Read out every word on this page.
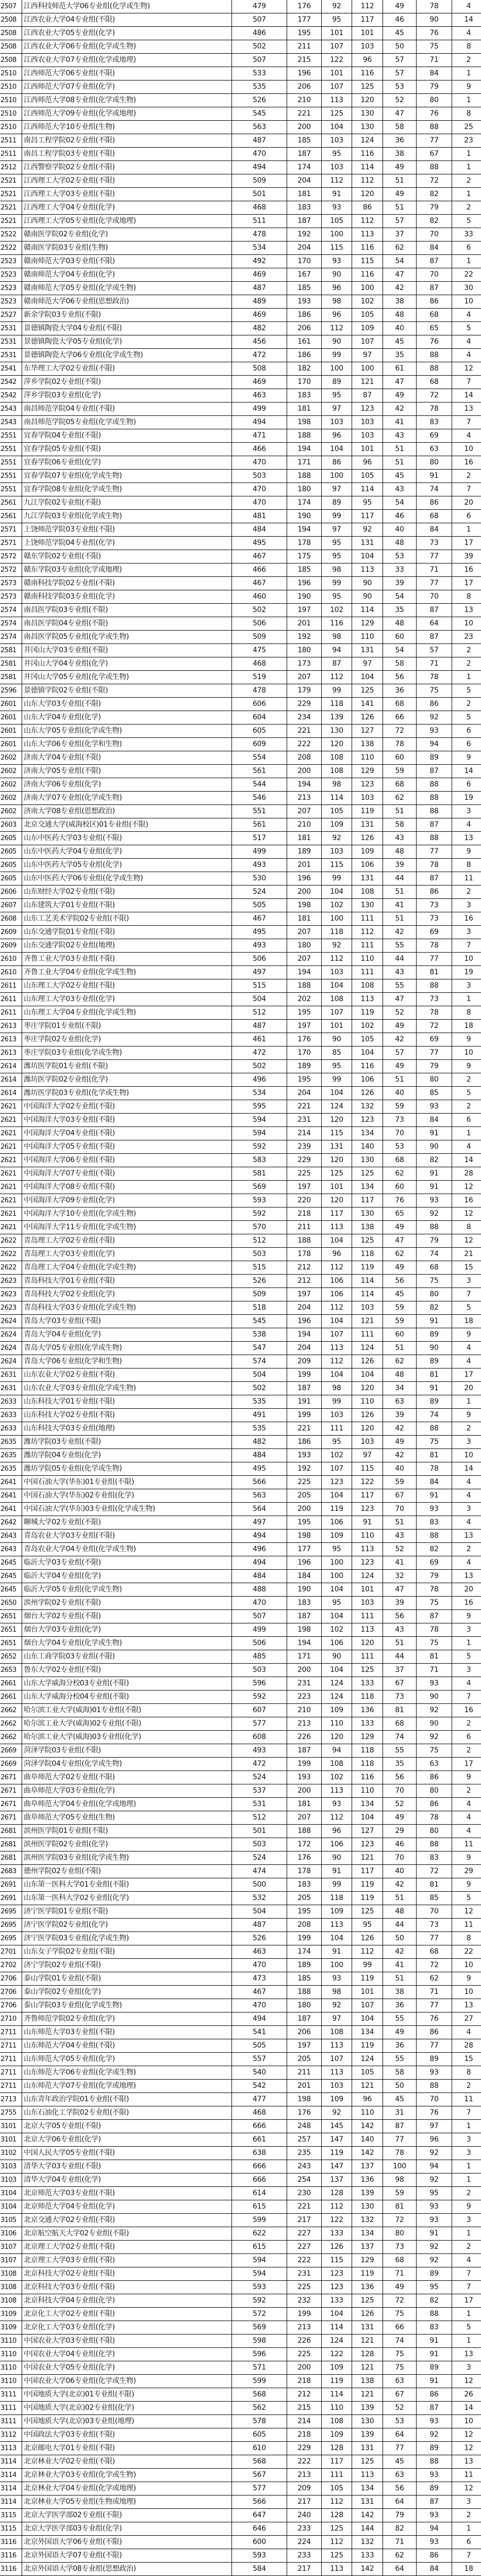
2507	江西科技师范大学06专业组(化学或生物)	479	176	92	112	49	78	4
2508	江西农业大学04专业组(不限)	507	177	95	117	46	90	14
2508	江西农业大学05专业组(化学)	486	195	101	101	45	76	4
2508	江西农业大学06专业组(化学或生物)	502	211	107	103	50	75	8
2508	江西农业大学07专业组(化学或地理)	507	215	122	96	57	71	2
2510	江西师范大学06专业组(不限)	533	196	101	116	57	84	1
2510	江西师范大学07专业组(化学)	535	206	107	125	53	79	9
2510	江西师范大学08专业组(化学或生物)	526	210	113	120	52	80	1
2510	江西师范大学09专业组(化学或地理)	545	221	125	130	47	76	8
2510	江西师范大学10专业组(生物)	563	200	104	130	58	88	25
2511	南昌工程学院02专业组(不限)	487	185	103	124	36	77	23
2511	南昌工程学院03专业组(不限)	470	187	95	116	38	67	1
2512	江西警察学院02专业组(不限)	494	174	103	114	49	88	1
2521	江西理工大学02专业组(不限)	509	204	112	112	51	72	2
2521	江西理工大学03专业组(不限)	501	181	91	120	49	82	1
2521	江西理工大学04专业组(化学)	468	183	93	86	51	79	2
2521	江西理工大学05专业组(化学或地理)	511	187	105	112	57	82	5
2522	赣南医学院02专业组(化学)	478	192	100	113	37	70	33
2522	赣南医学院03专业组(生物)	534	204	115	116	62	84	6
2523	赣南师范大学03专业组(不限)	492	170	93	115	54	87	1
2523	赣南师范大学04专业组(化学)	469	167	90	116	47	70	22
2523	赣南师范大学05专业组(化学或生物)	487	185	96	100	42	87	30
2523	赣南师范大学06专业组(思想政治)	489	193	98	102	38	86	10
2527	新余学院03专业组(不限)	469	186	96	105	48	68	4
2531	景德镇陶瓷大学04专业组(不限)	482	206	112	109	40	65	5
2531	景德镇陶瓷大学05专业组(化学)	456	161	90	107	45	76	4
2531	景德镇陶瓷大学06专业组(化学或生物)	472	186	99	97	35	88	4
2541	东华理工大学02专业组(不限)	508	182	100	100	61	88	12
2542	萍乡学院02专业组(不限)	469	170	89	121	47	68	7
2542	萍乡学院03专业组(化学)	463	183	95	87	49	72	14
2543	南昌师范学院04专业组(不限)	499	181	97	123	42	78	13
2543	南昌师范学院05专业组(化学或生物)	494	198	103	103	41	83	7
2551	宜春学院04专业组(不限)	471	188	96	103	43	69	4
2551	宜春学院05专业组(不限)	466	194	104	101	51	63	10
2551	宜春学院06专业组(化学)	470	171	86	96	51	80	16
2551	宜春学院07专业组(化学或生物)	503	188	100	105	45	91	2
2551	宜春学院08专业组(化学或生物)	470	180	97	114	43	74	7
2561	九江学院02专业组(不限)	470	174	89	95	54	86	20
2561	九江学院03专业组(化学或生物)	481	190	99	117	46	68	6
2571	上饶师范学院03专业组(不限)	484	194	97	92	40	84	1
2571	上饶师范学院04专业组(化学)	495	178	95	131	48	73	17
2572	赣东学院02专业组(不限)	467	175	95	104	53	77	39
2572	赣东学院03专业组(化学或地理)	466	185	98	113	33	71	16
2573	赣南科技学院02专业组(不限)	467	196	99	90	39	77	17
2573	赣南科技学院03专业组(化学)	460	190	95	90	54	70	8
2574	南昌医学院03专业组(不限)	502	197	102	114	35	87	13
2574	南昌医学院04专业组(不限)	506	201	116	129	48	64	10
2574	南昌医学院05专业组(化学或生物)	509	192	98	110	60	87	23
2581	井冈山大学03专业组(不限)	475	180	94	131	54	57	2
2581	井冈山大学04专业组(化学)	468	173	87	97	58	71	2
2581	井冈山大学05专业组(化学或生物)	519	207	112	104	56	78	1
2596	景德镇学院02专业组(不限)	478	179	99	125	36	75	5
2601	山东大学03专业组(不限)	606	229	118	141	68	86	2
2601	山东大学04专业组(化学)	604	234	139	126	66	92	5
2601	山东大学05专业组(化学或生物)	605	221	130	127	72	93	6
2601	山东大学06专业组(化学和生物)	609	222	120	138	78	94	6
2602	济南大学04专业组(不限)	554	208	108	110	60	89	9
2602	济南大学05专业组(不限)	561	200	108	129	59	87	14
2602	济南大学06专业组(化学)	544	194	98	123	68	88	6
2602	济南大学07专业组(化学或生物)	546	213	114	103	62	88	19
2602	济南大学08专业组(思想政治)	551	207	105	119	51	88	3
2603	北京交通大学(威海校区)01专业组(不限)	561	210	109	131	58	87	4
2605	山东中医药大学03专业组(不限)	517	181	92	126	43	88	13
2605	山东中医药大学04专业组(化学)	499	189	103	109	48	77	9
2605	山东中医药大学05专业组(化学)	493	201	115	106	39	78	8
2605	山东中医药大学06专业组(化学或生物)	530	196	99	131	44	87	11
2606	山东财经大学02专业组(不限)	524	200	104	108	51	86	2
2607	山东建筑大学01专业组(不限)	505	198	102	130	41	73	3
2608	山东工艺美术学院02专业组(不限)	467	181	100	111	51	73	16
2609	山东交通学院01专业组(不限)	495	207	118	112	42	69	3
2609	山东交通学院02专业组(地理)	493	180	92	111	55	78	7
2610	齐鲁工业大学03专业组(不限)	506	207	112	110	44	77	10
2610	齐鲁工业大学04专业组(化学或生物)	497	194	103	111	43	81	19
2611	山东理工大学02专业组(不限)	515	188	104	108	55	88	3
2611	山东理工大学03专业组(化学)	504	202	108	113	47	73	1
2611	山东理工大学04专业组(化学或生物)	512	195	107	119	52	78	8
2613	枣庄学院01专业组(不限)	487	197	101	102	49	72	18
2613	枣庄学院02专业组(化学)	461	176	90	105	42	69	9
2613	枣庄学院03专业组(化学或生物)	472	170	85	104	57	77	10
2614	潍坊医学院01专业组(不限)	502	189	95	116	49	79	9
2614	潍坊医学院02专业组(化学)	496	195	99	106	51	80	2
2614	潍坊医学院03专业组(化学或生物)	534	204	104	126	40	85	5
2621	中国海洋大学02专业组(不限)	595	221	124	132	59	93	2
2621	中国海洋大学03专业组(不限)	594	231	120	123	73	84	6
2621	中国海洋大学04专业组(不限)	594	214	115	134	70	91	1
2621	中国海洋大学05专业组(不限)	592	239	131	140	53	90	4
2621	中国海洋大学06专业组(不限)	583	229	120	130	68	82	14
2621	中国海洋大学07专业组(不限)	581	225	125	125	62	91	28
2621	中国海洋大学08专业组(不限)	569	197	101	134	60	91	12
2621	中国海洋大学09专业组(化学)	593	220	120	117	76	93	16
2621	中国海洋大学10专业组(化学或生物)	592	218	117	130	65	92	12
2621	中国海洋大学11专业组(化学或生物)	570	211	113	138	49	88	8
2622	青岛理工大学02专业组(不限)	512	188	104	125	47	79	12
2622	青岛理工大学03专业组(化学)	503	178	96	118	62	74	21
2622	青岛理工大学04专业组(化学或生物)	515	212	112	119	49	68	15
2623	青岛科技大学01专业组(不限)	526	212	106	114	56	75	3
2623	青岛科技大学02专业组(化学)	509	197	106	114	45	80	7
2623	青岛科技大学03专业组(化学或生物)	518	204	112	103	59	82	5
2624	青岛大学03专业组(不限)	545	196	104	121	59	91	18
2624	青岛大学04专业组(化学)	538	194	107	111	60	89	9
2624	青岛大学05专业组(化学或生物)	547	204	113	124	51	90	4
2624	青岛大学06专业组(化学和生物)	574	209	112	126	62	89	4
2631	山东农业大学02专业组(不限)	504	199	104	104	48	81	17
2631	山东农业大学03专业组(化学或生物)	502	187	98	120	34	91	20
2633	山东科技大学01专业组(不限)	535	191	99	110	63	89	1
2633	山东科技大学02专业组(不限)	491	199	103	126	39	74	9
2633	山东科技大学03专业组(地理)	535	221	111	120	42	88	2
2635	潍坊学院03专业组(不限)	482	186	95	103	49	75	3
2635	潍坊学院04专业组(化学)	484	193	102	97	42	81	10
2635	潍坊学院05专业组(化学或生物)	495	192	107	115	40	78	14
2641	中国石油大学(华东)01专业组(不限)	566	225	123	122	59	84	4
2641	中国石油大学(华东)02专业组(化学)	563	205	104	117	67	91	4
2641	中国石油大学(华东)03专业组(化学或生物)	564	200	119	123	70	93	3
2642	聊城大学02专业组(不限)	497	195	106	91	51	83	4
2643	青岛农业大学03专业组(不限)	494	198	109	110	43	88	13
2643	青岛农业大学04专业组(化学或生物)	496	177	95	113	52	82	2
2645	临沂大学03专业组(不限)	494	196	100	123	41	69	4
2645	临沂大学04专业组(化学)	484	184	100	124	32	79	13
2645	临沂大学05专业组(化学或生物)	488	190	104	101	47	78	20
2650	滨州学院02专业组(不限)	470	183	95	103	39	75	16
2651	烟台大学02专业组(不限)	507	187	104	111	56	87	9
2651	烟台大学03专业组(化学)	499	198	102	113	43	78	3
2651	烟台大学04专业组(化学或生物)	506	194	106	120	51	75	1
2652	山东工商学院03专业组(不限)	485	171	90	111	44	81	5
2653	鲁东大学02专业组(不限)	503	200	104	125	37	71	3
2661	山东大学威海分校03专业组(不限)	596	231	124	133	67	93	4
2661	山东大学威海分校04专业组(不限)	592	223	124	118	73	90	7
2662	哈尔滨工业大学(威海)01专业组(不限)	607	210	109	136	81	92	16
2662	哈尔滨工业大学(威海)02专业组(不限)	577	213	110	133	68	90	2
2662	哈尔滨工业大学(威海)03专业组(化学)	608	226	120	129	74	92	6
2669	菏泽学院03专业组(不限)	493	187	94	118	55	75	2
2669	菏泽学院04专业组(化学或生物)	472	199	108	118	35	63	17
2671	曲阜师范大学02专业组(不限)	524	193	102	116	56	86	9
2671	曲阜师范大学03专业组(化学)	537	200	113	110	70	80	2
2671	曲阜师范大学04专业组(化学或地理)	531	181	93	134	52	86	4
2671	曲阜师范大学05专业组(生物)	512	207	112	104	49	78	4
2681	滨州医学院01专业组(不限)	501	188	96	127	29	80	4
2681	滨州医学院02专业组(化学)	503	172	106	123	46	88	11
2681	滨州医学院03专业组(化学或生物)	524	176	90	121	70	83	9
2683	德州学院02专业组(不限)	474	178	91	117	40	72	29
2691	山东第一医科大学01专业组(不限)	500	183	99	119	42	81	9
2691	山东第一医科大学02专业组(化学)	532	205	118	119	51	85	5
2695	济宁医学院01专业组(不限)	504	195	109	125	48	70	12
2695	济宁医学院02专业组(化学)	487	208	113	95	44	73	11
2695	济宁医学院03专业组(化学或生物)	526	199	104	126	50	77	8
2701	山东女子学院02专业组(不限)	463	174	91	112	42	68	22
2702	济宁学院02专业组(不限)	470	189	100	99	41	72	10
2706	泰山学院01专业组(不限)	473	185	93	119	51	62	9
2706	泰山学院02专业组(化学)	467	188	98	101	38	71	10
2706	泰山学院03专业组(化学或生物)	470	180	92	107	36	77	13
2710	齐鲁师范学院02专业组(化学)	494	187	97	104	55	76	27
2711	山东师范大学03专业组(不限)	541	206	108	134	49	86	4
2711	山东师范大学04专业组(不限)	505	197	113	119	36	77	28
2711	山东师范大学05专业组(化学)	557	205	107	124	55	89	15
2711	山东师范大学06专业组(化学或生物)	540	211	113	105	58	93	8
2711	山东师范大学07专业组(化学或地理)	542	201	103	121	50	88	2
2713	山东青年政治学院01专业组(不限)	477	198	109	96	45	70	11
2755	山东石油化工学院02专业组(不限)	468	176	92	110	31	76	7
3101	北京大学05专业组(不限)	666	248	145	142	87	97	1
3101	北京大学06专业组(化学)	661	257	147	140	77	96	3
3102	中国人民大学05专业组(不限)	638	235	119	142	78	92	3
3103	清华大学03专业组(不限)	666	243	147	137	100	94	1
3103	清华大学04专业组(化学)	666	254	137	136	98	92	1
3104	北京师范大学03专业组(不限)	614	230	128	139	59	95	2
3104	北京师范大学04专业组(化学)	615	221	112	130	81	93	9
3105	北京交通大学02专业组(不限)	599	217	122	132	72	93	3
3106	北京航空航天大学02专业组(不限)	622	227	133	134	80	91	1
3107	北京理工大学02专业组(不限)	615	227	126	137	73	92	2
3107	北京理工大学03专业组(不限)	594	222	115	129	68	92	4
3108	北京科技大学02专业组(不限)	594	231	123	119	71	89	7
3108	北京科技大学03专业组(不限)	593	225	123	136	49	95	7
3108	北京科技大学04专业组(化学)	592	232	133	125	72	82	17
3109	北京化工大学02专业组(不限)	572	199	104	126	75	88	1
3109	北京化工大学03专业组(化学)	569	213	114	131	66	83	5
3110	中国农业大学03专业组(不限)	598	226	124	121	74	91	1
3110	中国农业大学04专业组(化学)	596	225	122	128	75	91	13
3110	中国农业大学05专业组(化学)	571	200	109	121	75	89	3
3110	中国农业大学06专业组(化学或生物)	599	218	119	138	63	91	12
3111	中国地质大学(北京)01专业组(不限)	568	212	114	121	67	86	26
3111	中国地质大学(北京)02专业组(化学)	562	215	110	139	52	87	14
3111	中国地质大学(北京)03专业组(地理)	578	214	108	130	53	93	10
3112	中国政法大学03专业组(不限)	605	218	109	139	64	92	12
3113	北京邮电大学01专业组(不限)	610	229	128	131	77	89	12
3114	北京林业大学02专业组(不限)	568	222	117	125	45	88	13
3114	北京林业大学03专业组(化学或生物)	567	213	111	113	63	93	11
3114	北京林业大学04专业组(化学或地理)	577	209	105	134	56	89	12
3114	北京林业大学05专业组(生物或地理)	566	217	112	131	64	87	3
3115	北京大学医学部02专业组(不限)	647	240	128	142	79	93	2
3115	北京大学医学部03专业组(化学)	646	233	125	144	82	94	1
3116	北京外国语大学06专业组(不限)	600	224	112	132	71	93	6
3116	北京外国语大学07专业组(不限)	593	233	125	133	62	86	7
3116	北京外国语大学08专业组(思想政治)	584	217	113	142	64	84	18
